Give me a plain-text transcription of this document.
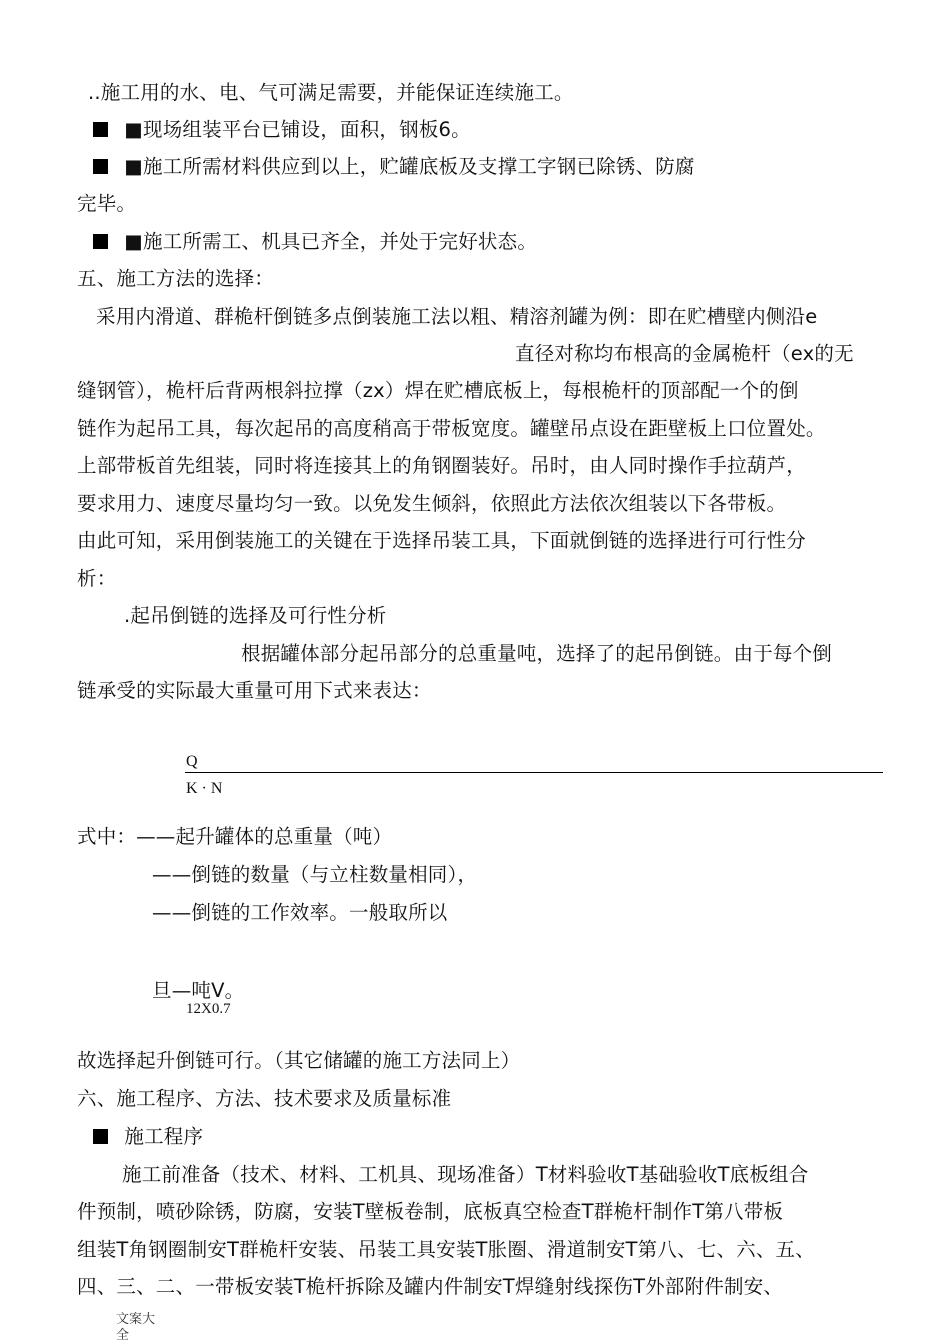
..施工用的水、电、气可满足需要，并能保证连续施工。
■现场组装平台已铺设，面积，钢板6。
■施工所需材料供应到以上，贮罐底板及支撑工字钢已除锈、防腐
完毕。
■施工所需工、机具已齐全，并处于完好状态。
五、施工方法的选择：
采用内滑道、群桅杆倒链多点倒装施工法以粗、精溶剂罐为例：即在贮槽壁内侧沿e
直径对称均布根高的金属桅杆（ex的无
缝钢管），桅杆后背两根斜拉撑（zx）焊在贮槽底板上，每根桅杆的顶部配一个的倒
链作为起吊工具，每次起吊的高度稍高于带板宽度。罐壁吊点设在距壁板上口位置处。
上部带板首先组装，同时将连接其上的角钢圈装好。吊时，由人同时操作手拉葫芦，
要求用力、速度尽量均匀一致。以免发生倾斜，依照此方法依次组装以下各带板。
由此可知，采用倒装施工的关键在于选择吊装工具，下面就倒链的选择进行可行性分
析：
.起吊倒链的选择及可行性分析
根据罐体部分起吊部分的总重量吨，选择了的起吊倒链。由于每个倒
链承受的实际最大重量可用下式来表达：
Q
K · N
式中：——起升罐体的总重量（吨）
——倒链的数量（与立柱数量相同），
——倒链的工作效率。一般取所以
旦—吨V。
12X0.7
故选择起升倒链可行。（其它储罐的施工方法同上）
六、施工程序、方法、技术要求及质量标准
施工程序
施工前准备（技术、材料、工机具、现场准备）T材料验收T基础验收T底板组合
件预制，喷砂除锈，防腐，安装T壁板卷制，底板真空检查T群桅杆制作T第八带板
组装T角钢圈制安T群桅杆安装、吊装工具安装T胀圈、滑道制安T第八、七、六、五、
四、三、二、一带板安装T桅杆拆除及罐内件制安T焊缝射线探伤T外部附件制安、
文案大
全
